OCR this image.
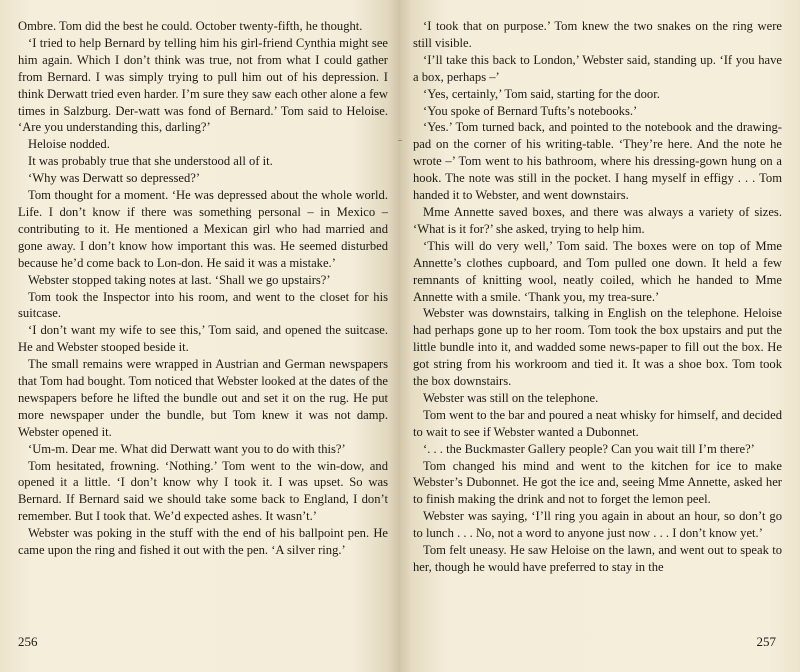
Ombre. Tom did the best he could. October twenty-fifth, he thought.

‘I tried to help Bernard by telling him his girl-friend Cynthia might see him again. Which I don’t think was true, not from what I could gather from Bernard. I was simply trying to pull him out of his depression. I think Derwatt tried even harder. I’m sure they saw each other alone a few times in Salzburg. Der-watt was fond of Bernard.’ Tom said to Heloise. ‘Are you understanding this, darling?’

Heloise nodded.

It was probably true that she understood all of it.

‘Why was Derwatt so depressed?’

Tom thought for a moment. ‘He was depressed about the whole world. Life. I don’t know if there was something personal – in Mexico – contributing to it. He mentioned a Mexican girl who had married and gone away. I don’t know how important this was. He seemed disturbed because he’d come back to Lon-don. He said it was a mistake.’

Webster stopped taking notes at last. ‘Shall we go upstairs?’

Tom took the Inspector into his room, and went to the closet for his suitcase.

‘I don’t want my wife to see this,’ Tom said, and opened the suitcase. He and Webster stooped beside it.

The small remains were wrapped in Austrian and German newspapers that Tom had bought. Tom noticed that Webster looked at the dates of the newspapers before he lifted the bundle out and set it on the rug. He put more newspaper under the bundle, but Tom knew it was not damp. Webster opened it.

‘Um-m. Dear me. What did Derwatt want you to do with this?’

Tom hesitated, frowning. ‘Nothing.’ Tom went to the win-dow, and opened it a little. ‘I don’t know why I took it. I was upset. So was Bernard. If Bernard said we should take some back to England, I don’t remember. But I took that. We’d expected ashes. It wasn’t.’

Webster was poking in the stuff with the end of his ballpoint pen. He came upon the ring and fished it out with the pen. ‘A silver ring.’

256

‘I took that on purpose.’ Tom knew the two snakes on the ring were still visible.

‘I’ll take this back to London,’ Webster said, standing up. ‘If you have a box, perhaps –’

‘Yes, certainly,’ Tom said, starting for the door.

‘You spoke of Bernard Tufts’s notebooks.’

‘Yes.’ Tom turned back, and pointed to the notebook and the drawing-pad on the corner of his writing-table. ‘They’re here. And the note he wrote –’ Tom went to his bathroom, where his dressing-gown hung on a hook. The note was still in the pocket. I hang myself in effigy . . . Tom handed it to Webster, and went downstairs.

Mme Annette saved boxes, and there was always a variety of sizes. ‘What is it for?’ she asked, trying to help him.

‘This will do very well,’ Tom said. The boxes were on top of Mme Annette’s clothes cupboard, and Tom pulled one down. It held a few remnants of knitting wool, neatly coiled, which he handed to Mme Annette with a smile. ‘Thank you, my trea-sure.’

Webster was downstairs, talking in English on the telephone. Heloise had perhaps gone up to her room. Tom took the box upstairs and put the little bundle into it, and wadded some news-paper to fill out the box. He got string from his workroom and tied it. It was a shoe box. Tom took the box downstairs.

Webster was still on the telephone.

Tom went to the bar and poured a neat whisky for himself, and decided to wait to see if Webster wanted a Dubonnet.

‘. . . the Buckmaster Gallery people? Can you wait till I’m there?’

Tom changed his mind and went to the kitchen for ice to make Webster’s Dubonnet. He got the ice and, seeing Mme Annette, asked her to finish making the drink and not to forget the lemon peel.

Webster was saying, ‘I’ll ring you again in about an hour, so don’t go to lunch . . . No, not a word to anyone just now . . . I don’t know yet.’

Tom felt uneasy. He saw Heloise on the lawn, and went out to speak to her, though he would have preferred to stay in the

257
